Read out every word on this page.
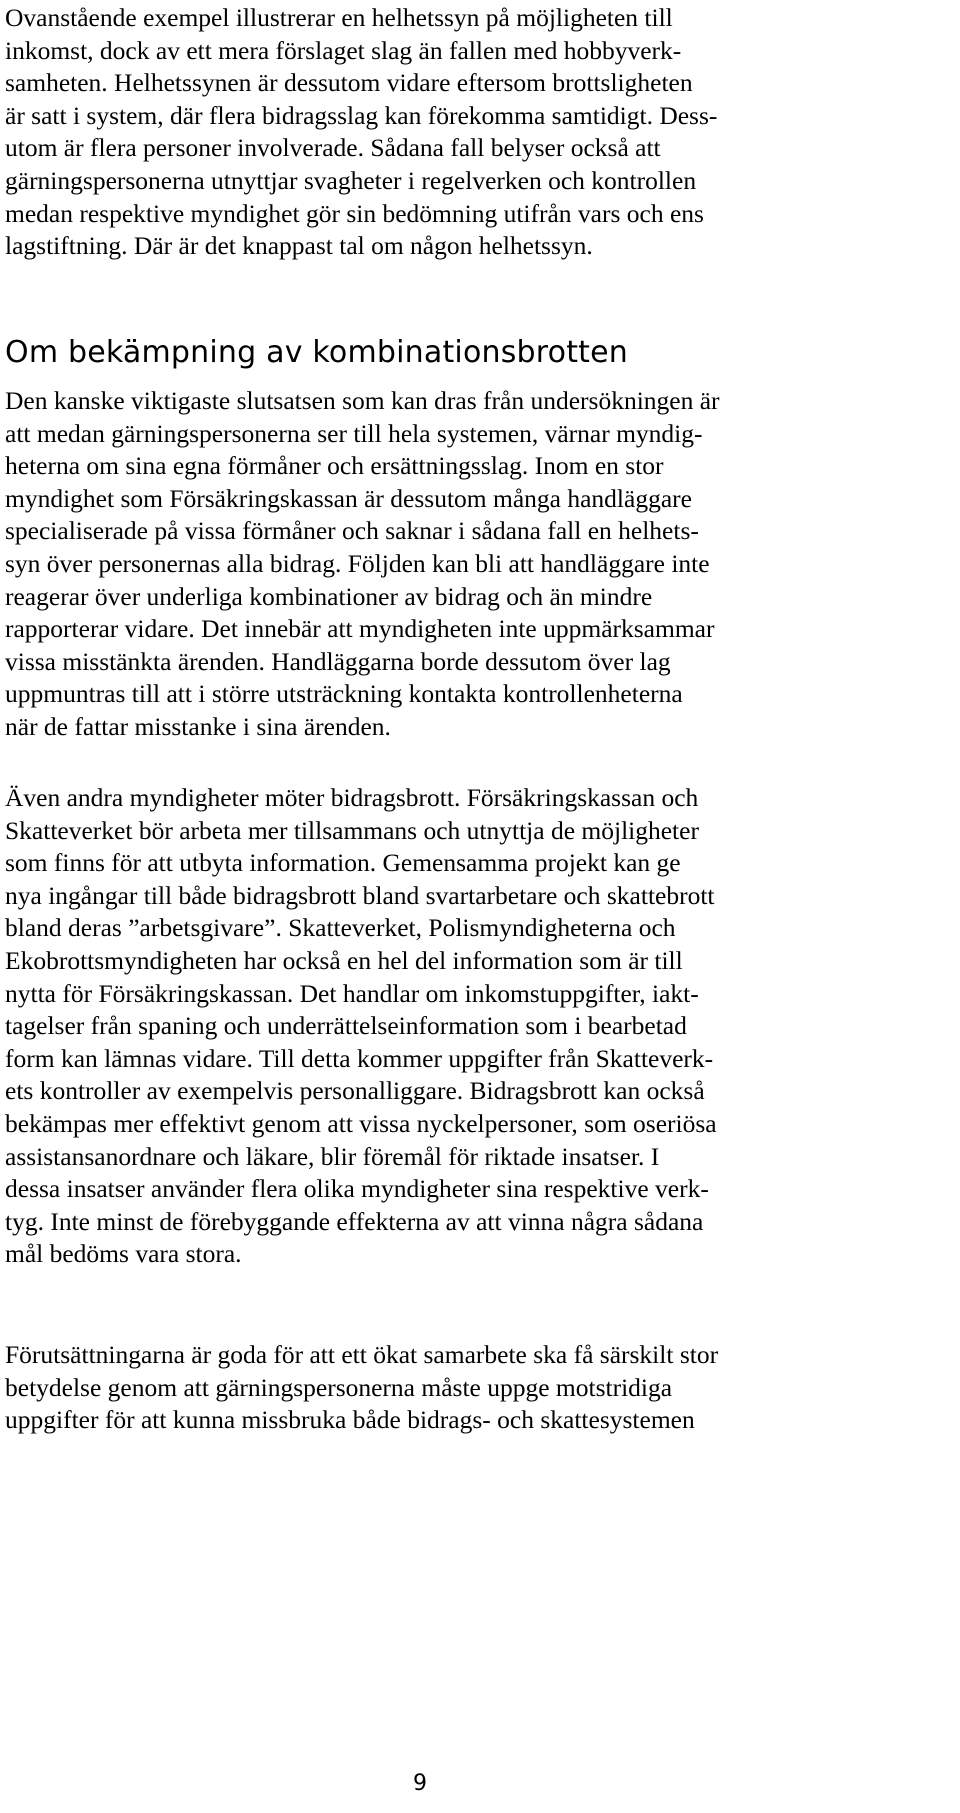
Ovanstående exempel illustrerar en helhetssyn på möjligheten till
inkomst, dock av ett mera förslaget slag än fallen med hobbyverk-
samheten. Helhetssynen är dessutom vidare eftersom brottsligheten
är satt i system, där flera bidragsslag kan förekomma samtidigt. Dess-
utom är flera personer involverade. Sådana fall belyser också att
gärningspersonerna utnyttjar svagheter i regelverken och kontrollen
medan respektive myndighet gör sin bedömning utifrån vars och ens
lagstiftning. Där är det knappast tal om någon helhetssyn.

Om bekämpning av kombinationsbrotten

Den kanske viktigaste slutsatsen som kan dras från undersökningen är
att medan gärningspersonerna ser till hela systemen, värnar myndig-
heterna om sina egna förmåner och ersättningsslag. Inom en stor
myndighet som Försäkringskassan är dessutom många handläggare
specialiserade på vissa förmåner och saknar i sådana fall en helhets-
syn över personernas alla bidrag. Följden kan bli att handläggare inte
reagerar över underliga kombinationer av bidrag och än mindre
rapporterar vidare. Det innebär att myndigheten inte uppmärksammar
vissa misstänkta ärenden. Handläggarna borde dessutom över lag
uppmuntras till att i större utsträckning kontakta kontrollenheterna
när de fattar misstanke i sina ärenden.

Även andra myndigheter möter bidragsbrott. Försäkringskassan och
Skatteverket bör arbeta mer tillsammans och utnyttja de möjligheter
som finns för att utbyta information. Gemensamma projekt kan ge
nya ingångar till både bidragsbrott bland svartarbetare och skattebrott
bland deras ”arbetsgivare”. Skatteverket, Polismyndigheterna och
Ekobrottsmyndigheten har också en hel del information som är till
nytta för Försäkringskassan. Det handlar om inkomstuppgifter, iakt-
tagelser från spaning och underrättelseinformation som i bearbetad
form kan lämnas vidare. Till detta kommer uppgifter från Skatteverk-
ets kontroller av exempelvis personalliggare. Bidragsbrott kan också
bekämpas mer effektivt genom att vissa nyckelpersoner, som oseriösa
assistansanordnare och läkare, blir föremål för riktade insatser. I
dessa insatser använder flera olika myndigheter sina respektive verk-
tyg. Inte minst de förebyggande effekterna av att vinna några sådana
mål bedöms vara stora.

Förutsättningarna är goda för att ett ökat samarbete ska få särskilt stor
betydelse genom att gärningspersonerna måste uppge motstridiga
uppgifter för att kunna missbruka både bidrags- och skattesystemen

9
